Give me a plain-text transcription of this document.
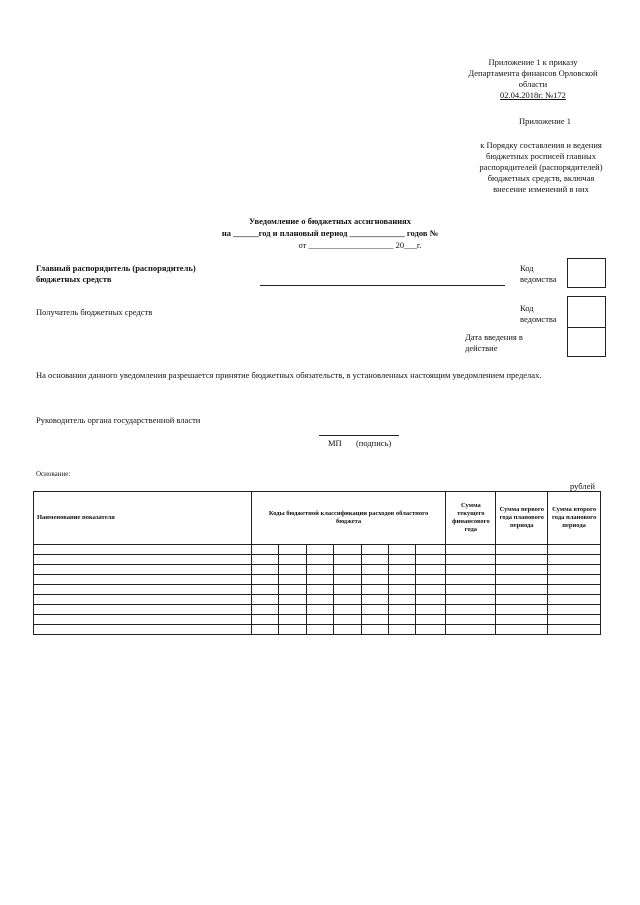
Приложение 1 к приказу
Департамента финансов Орловской
области
02.04.2018г. №172
Приложение 1
к Порядку составления и ведения
бюджетных росписей главных
распорядителей (распорядителей)
бюджетных средств, включая
внесение изменений в них
Уведомление о бюджетных ассигнованиях
на ______год и плановый период _____________ годов №
от ____________________ 20___г.
Главный распорядитель (распорядитель)
бюджетных средств
Код
ведомства
Получатель бюджетных средств	Код
ведомства
Дата введения в
действие
На основании данного уведомления разрешается принятие бюджетных обязательств, в установленных настоящим уведомлением пределах.
Руководитель органа государственной власти
МП (подпись)
Основание:
рублей
Наименование показателя
Коды бюджетной классификации расходов областного бюджета
Сумма текущего финансового года
Сумма первого года планового периода
Сумма второго года планового периода
